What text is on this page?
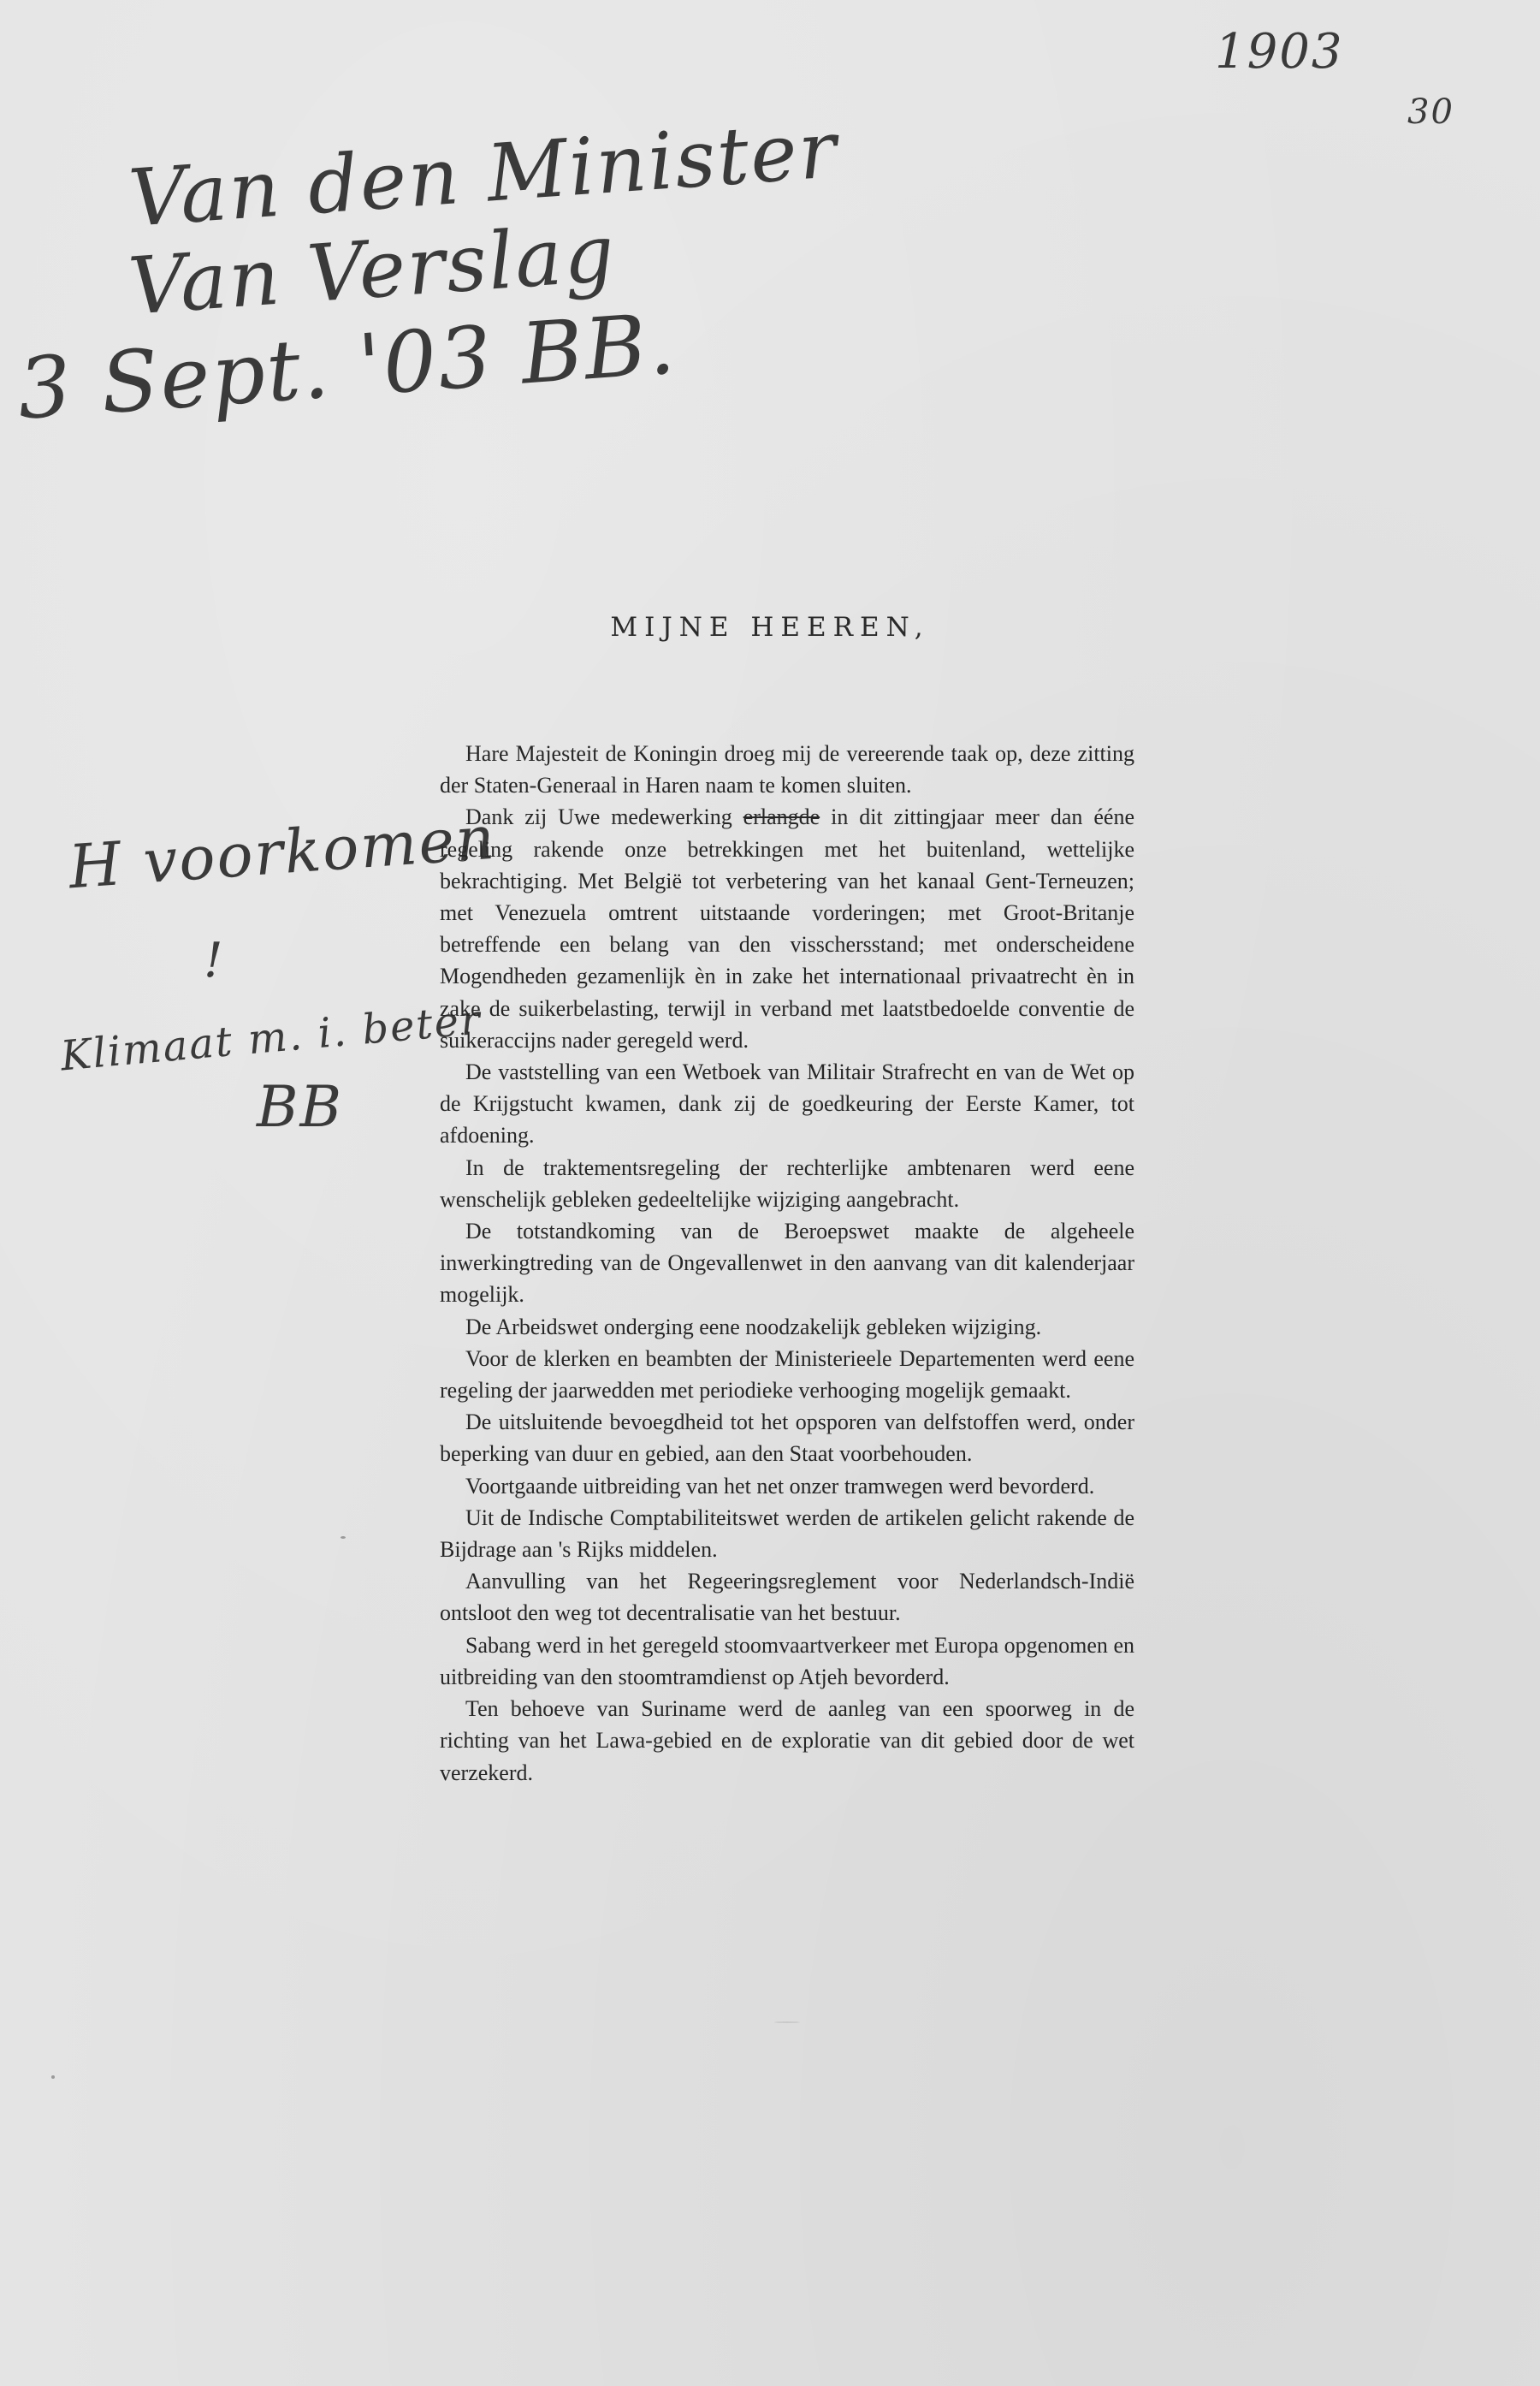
1903
30
Van den Minister
Van Verslag
3 Sept. '03 BB.
H voorkomen
!
Klimaat m. i. beter
BB
MIJNE HEEREN,

Hare Majesteit de Koningin droeg mij de vereerende taak op, deze zitting der Staten-Generaal in Haren naam te komen sluiten.

Dank zij Uwe medewerking erlangde in dit zittingjaar meer dan ééne regeling rakende onze betrekkingen met het buitenland, wettelijke bekrachtiging. Met België tot verbetering van het kanaal Gent-Terneuzen; met Venezuela omtrent uitstaande vorderingen; met Groot-Britanje betreffende een belang van den visschersstand; met onderscheidene Mogendheden gezamenlijk èn in zake het internationaal privaatrecht èn in zake de suikerbelasting, terwijl in verband met laatstbedoelde conventie de suikeraccijns nader geregeld werd.

De vaststelling van een Wetboek van Militair Strafrecht en van de Wet op de Krijgstucht kwamen, dank zij de goedkeuring der Eerste Kamer, tot afdoening.

In de traktementsregeling der rechterlijke ambtenaren werd eene wenschelijk gebleken gedeeltelijke wijziging aangebracht.

De totstandkoming van de Beroepswet maakte de algeheele inwerkingtreding van de Ongevallenwet in den aanvang van dit kalenderjaar mogelijk.

De Arbeidswet onderging eene noodzakelijk gebleken wijziging.

Voor de klerken en beambten der Ministerieele Departementen werd eene regeling der jaarwedden met periodieke verhooging mogelijk gemaakt.

De uitsluitende bevoegdheid tot het opsporen van delfstoffen werd, onder beperking van duur en gebied, aan den Staat voorbehouden.

Voortgaande uitbreiding van het net onzer tramwegen werd bevorderd.

Uit de Indische Comptabiliteitswet werden de artikelen gelicht rakende de Bijdrage aan 's Rijks middelen.

Aanvulling van het Regeeringsreglement voor Nederlandsch-Indië ontsloot den weg tot decentralisatie van het bestuur.

Sabang werd in het geregeld stoomvaartverkeer met Europa opgenomen en uitbreiding van den stoomtramdienst op Atjeh bevorderd.

Ten behoeve van Suriname werd de aanleg van een spoorweg in de richting van het Lawa-gebied en de exploratie van dit gebied door de wet verzekerd.
